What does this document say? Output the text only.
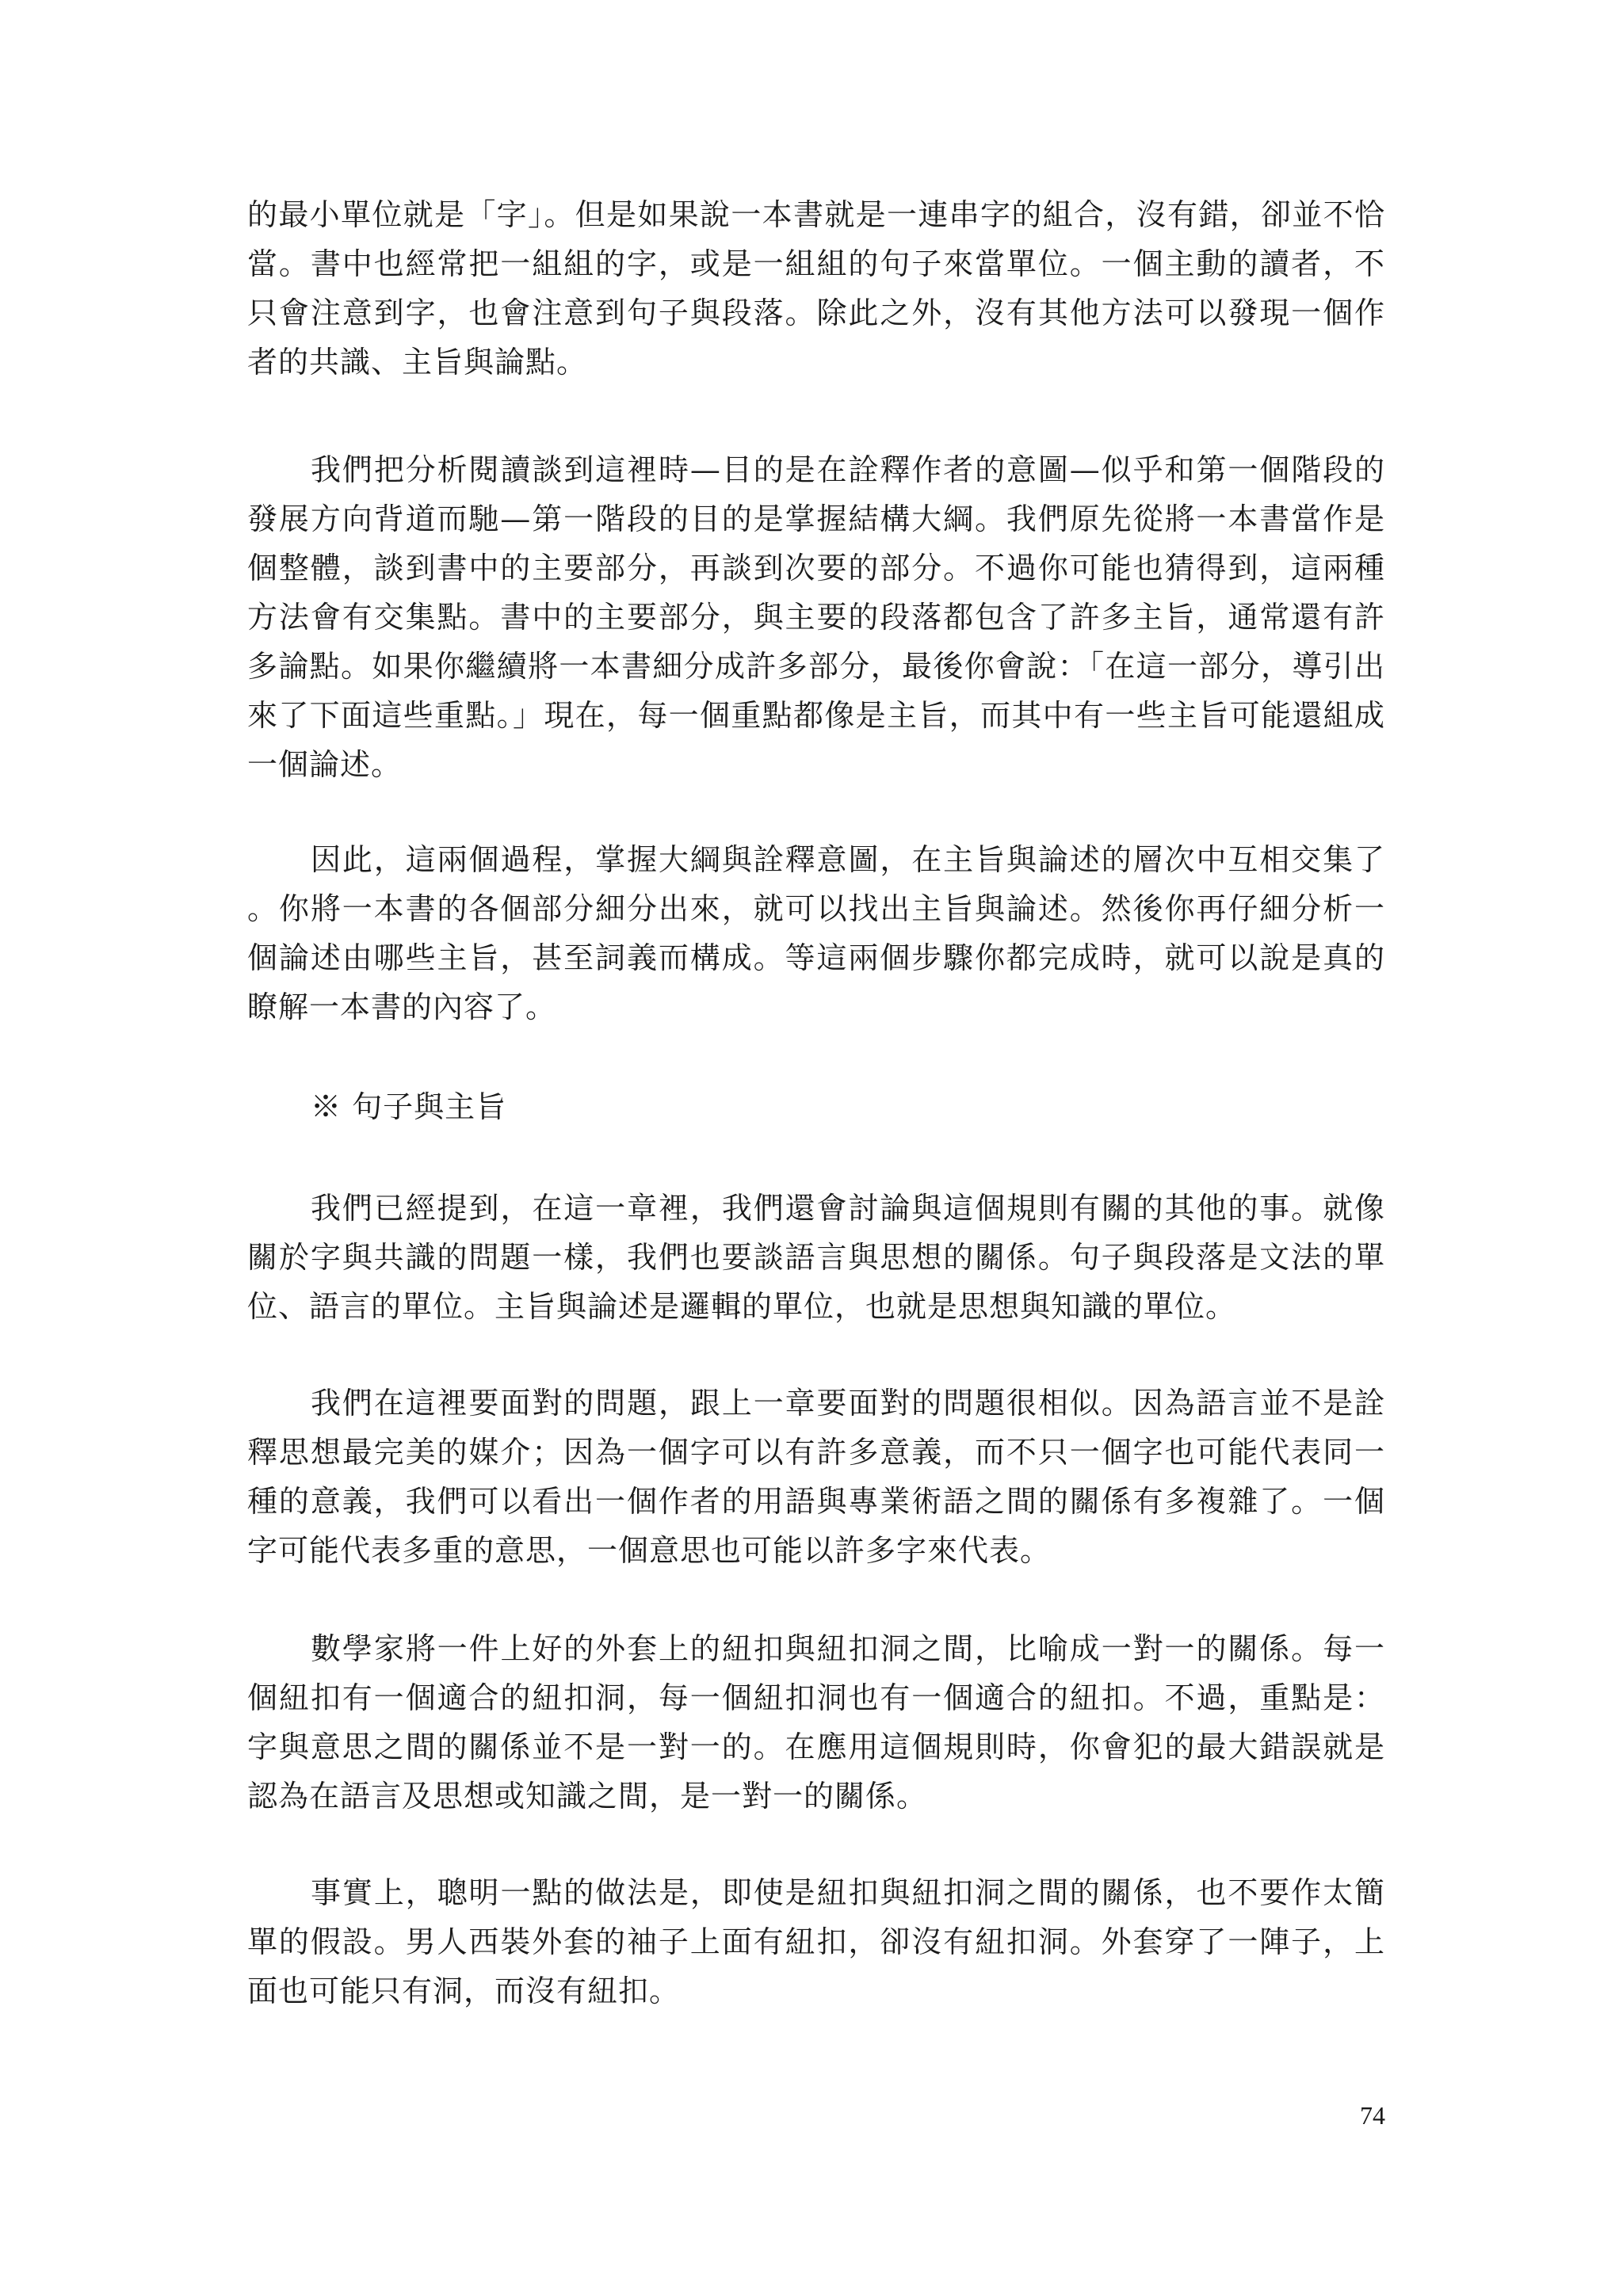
的最小單位就是「字」。但是如果說一本書就是一連串字的組合，沒有錯，卻並不恰當。書中也經常把一組組的字，或是一組組的句子來當單位。一個主動的讀者，不只會注意到字，也會注意到句子與段落。除此之外，沒有其他方法可以發現一個作者的共識、主旨與論點。

我們把分析閱讀談到這裡時—目的是在詮釋作者的意圖—似乎和第一個階段的發展方向背道而馳—第一階段的目的是掌握結構大綱。我們原先從將一本書當作是個整體，談到書中的主要部分，再談到次要的部分。不過你可能也猜得到，這兩種方法會有交集點。書中的主要部分，與主要的段落都包含了許多主旨，通常還有許多論點。如果你繼續將一本書細分成許多部分，最後你會說：「在這一部分，導引出來了下面這些重點。」現在，每一個重點都像是主旨，而其中有一些主旨可能還組成一個論述。

因此，這兩個過程，掌握大綱與詮釋意圖，在主旨與論述的層次中互相交集了。你將一本書的各個部分細分出來，就可以找出主旨與論述。然後你再仔細分析一個論述由哪些主旨，甚至詞義而構成。等這兩個步驟你都完成時，就可以說是真的瞭解一本書的內容了。

※ 句子與主旨

我們已經提到，在這一章裡，我們還會討論與這個規則有關的其他的事。就像關於字與共識的問題一樣，我們也要談語言與思想的關係。句子與段落是文法的單位、語言的單位。主旨與論述是邏輯的單位，也就是思想與知識的單位。

我們在這裡要面對的問題，跟上一章要面對的問題很相似。因為語言並不是詮釋思想最完美的媒介；因為一個字可以有許多意義，而不只一個字也可能代表同一種的意義，我們可以看出一個作者的用語與專業術語之間的關係有多複雜了。一個字可能代表多重的意思，一個意思也可能以許多字來代表。

數學家將一件上好的外套上的紐扣與紐扣洞之間，比喻成一對一的關係。每一個紐扣有一個適合的紐扣洞，每一個紐扣洞也有一個適合的紐扣。不過，重點是：字與意思之間的關係並不是一對一的。在應用這個規則時，你會犯的最大錯誤就是認為在語言及思想或知識之間，是一對一的關係。

事實上，聰明一點的做法是，即使是紐扣與紐扣洞之間的關係，也不要作太簡單的假設。男人西裝外套的袖子上面有紐扣，卻沒有紐扣洞。外套穿了一陣子，上面也可能只有洞，而沒有紐扣。

74
